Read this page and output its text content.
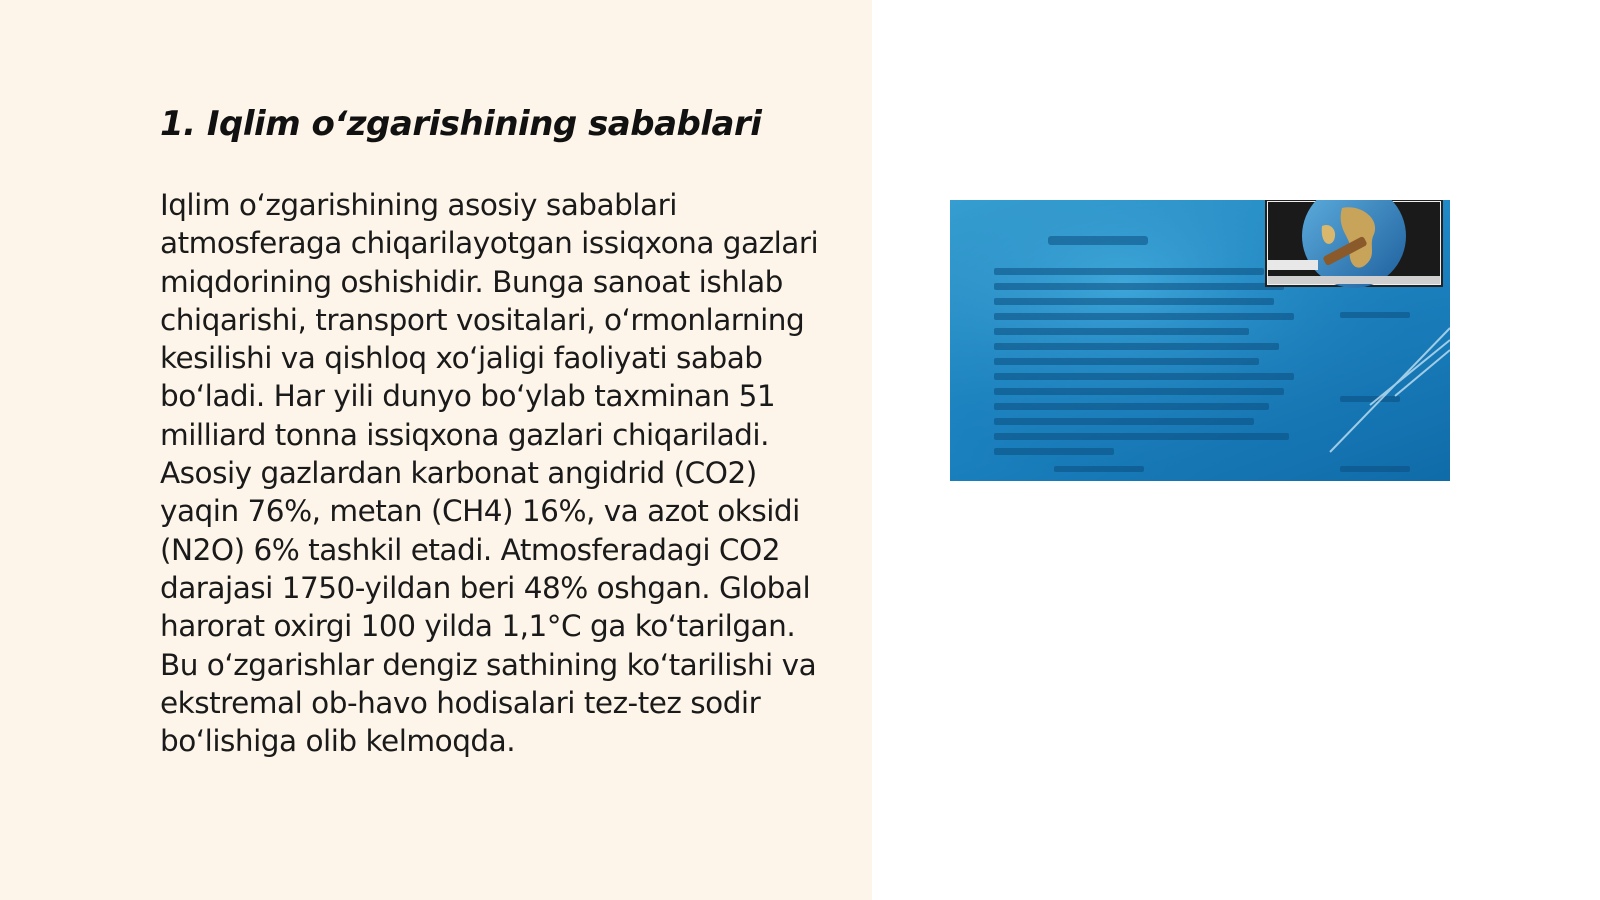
1. Iqlim o‘zgarishining sabablari

Iqlim o‘zgarishining asosiy sabablari atmosferaga chiqarilayotgan issiqxona gazlari miqdorining oshishidir. Bunga sanoat ishlab chiqarishi, transport vositalari, o‘rmonlarning kesilishi va qishloq xo‘jaligi faoliyati sabab bo‘ladi. Har yili dunyo bo‘ylab taxminan 51 milliard tonna issiqxona gazlari chiqariladi. Asosiy gazlardan karbonat angidrid (CO2) yaqin 76%, metan (CH4) 16%, va azot oksidi (N2O) 6% tashkil etadi. Atmosferadagi CO2 darajasi 1750-yildan beri 48% oshgan. Global harorat oxirgi 100 yilda 1,1°C ga ko‘tarilgan. Bu o‘zgarishlar dengiz sathining ko‘tarilishi va ekstremal ob-havo hodisalari tez-tez sodir bo‘lishiga olib kelmoqda.
